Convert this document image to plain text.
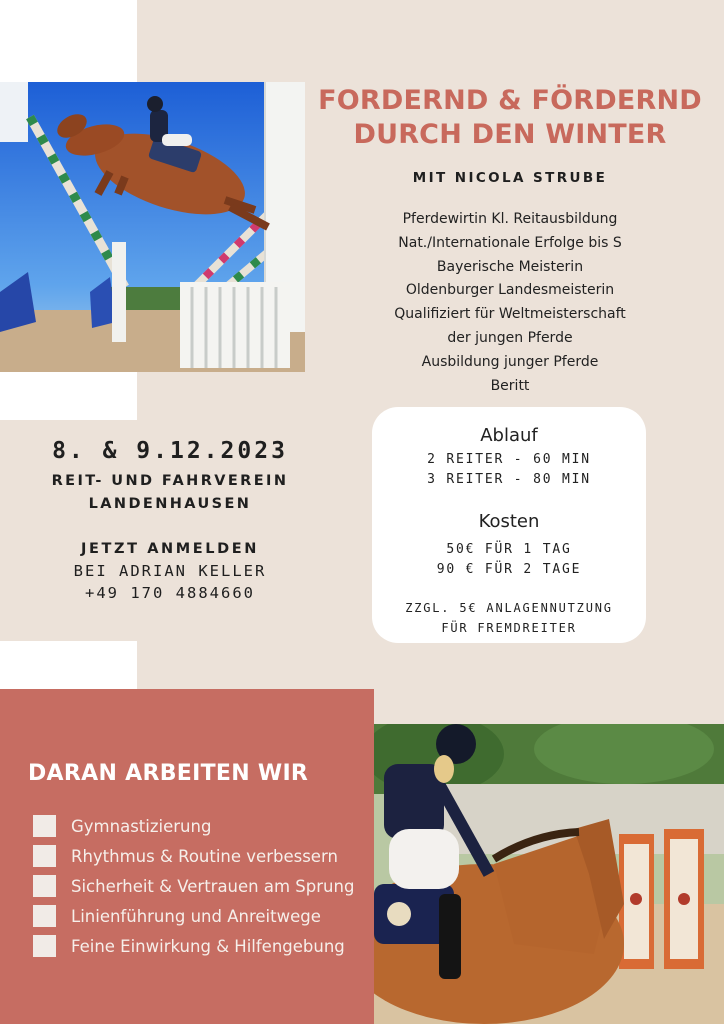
FORDERND & FÖRDERND
DURCH DEN WINTER
MIT NICOLA STRUBE
Pferdewirtin Kl. Reitausbildung
Nat./Internationale Erfolge bis S
Bayerische Meisterin
Oldenburger Landesmeisterin
Qualifiziert für Weltmeisterschaft
der jungen Pferde
Ausbildung junger Pferde
Beritt
8. & 9.12.2023
REIT- UND FAHRVEREIN
LANDENHAUSEN
JETZT ANMELDEN
BEI ADRIAN KELLER
+49 170 4884660
Ablauf
2 REITER - 60 MIN
3 REITER - 80 MIN
Kosten
50€ FÜR 1 TAG
90 € FÜR 2 TAGE
ZZGL. 5€ ANLAGENNUTZUNG
FÜR FREMDREITER
DARAN ARBEITEN WIR
Gymnastizierung
Rhythmus & Routine verbessern
Sicherheit & Vertrauen am Sprung
Linienführung und Anreitwege
Feine Einwirkung & Hilfengebung
